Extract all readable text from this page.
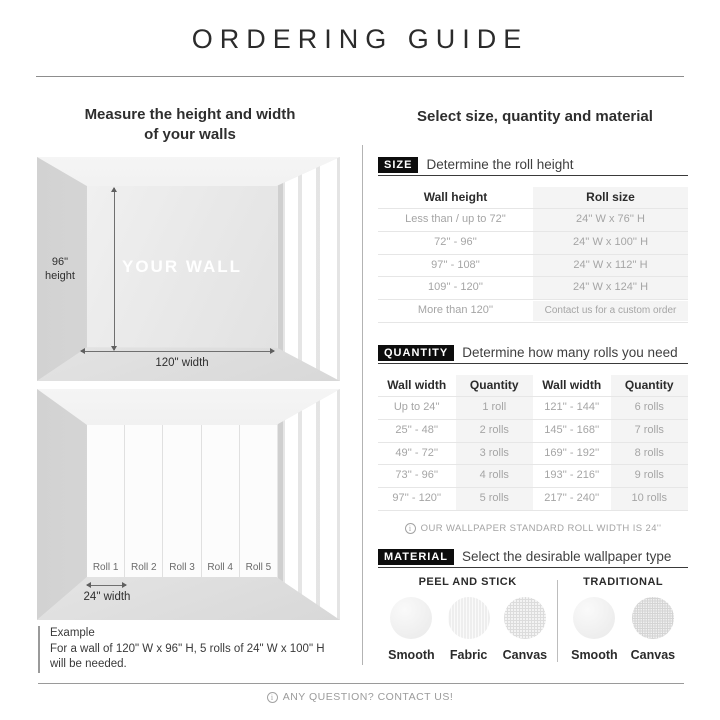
ORDERING GUIDE
Measure the height and width
of your walls
Select size, quantity and material
YOUR WALL
96"
height
120" width
Roll 1 Roll 2 Roll 3 Roll 4 Roll 5
24" width
Example
For a wall of 120" W x 96" H, 5 rolls of 24" W x 100" H
will be needed.
SIZE	Determine the roll height
Wall height	Roll size
Less than / up to 72''	24'' W x 76'' H
72'' - 96''	24'' W x 100'' H
97'' - 108''	24'' W x 112'' H
109'' - 120''	24'' W x 124'' H
More than 120''	Contact us for a custom order
QUANTITY	Determine how many rolls you need
Wall width	Quantity	Wall width	Quantity
Up to 24''	1 roll	121'' - 144''	6 rolls
25'' - 48''	2 rolls	145'' - 168''	7 rolls
49'' - 72''	3 rolls	169'' - 192''	8 rolls
73'' - 96''	4 rolls	193'' - 216''	9 rolls
97'' - 120''	5 rolls	217'' - 240''	10 rolls
i OUR WALLPAPER STANDARD ROLL WIDTH IS 24''
MATERIAL	Select the desirable wallpaper type
PEEL AND STICK
Smooth Fabric Canvas
TRADITIONAL
Smooth Canvas
i ANY QUESTION? CONTACT US!
